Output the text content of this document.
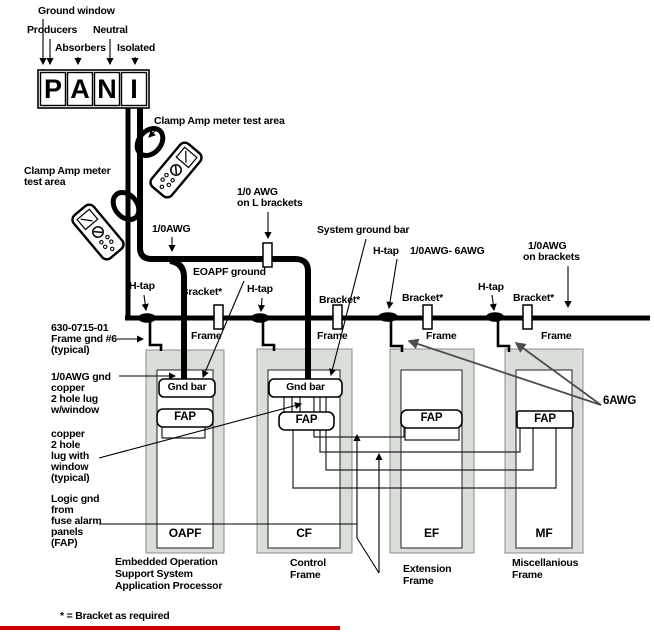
Ground window
Producers Neutral
Absorbers Isolated
P A N I
Clamp Amp meter test area
Clamp Amp meter
test area
1/0AWG
1/0 AWG
on L brackets
EOAPF ground
System ground bar
H-tap	H-tap
H-tap
H-tap
1/0AWG- 6AWG	1/0AWG
on brackets
Bracket*
Bracket*	Bracket*	Bracket*
Frame	Frame	Frame	Frame
630-0715-01
Frame gnd #6
(typical)
1/0AWG gnd
copper
2 hole lug
w/window
copper
2 hole
lug with
window
(typical)
Logic gnd
from
fuse alarm
panels
(FAP)
6AWG
Gnd bar	Gnd bar
FAP	FAP	FAP	FAP
OAPF	CF	EF	MF
Embedded Operation
Support System
Application Processor
Control
Frame	Extension
Frame
Miscellanious
Frame
* = Bracket as required
